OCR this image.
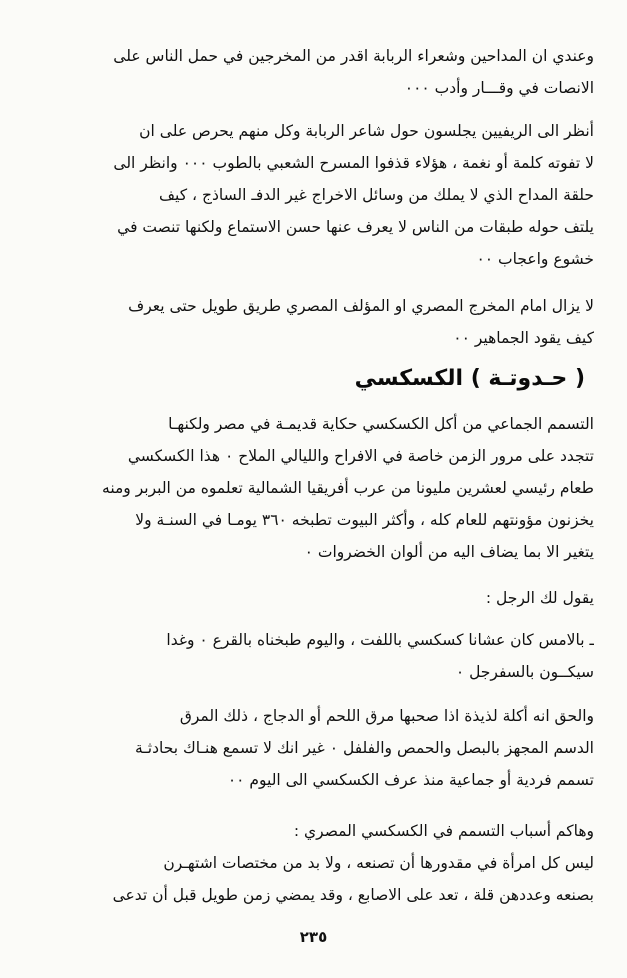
وعندي ان المداحين وشعراء الربابة اقدر من المخرجين في حمل الناس على
الانصات في وقـــار وأدب ٠٠٠
أنظر الى الريفيين يجلسون حول شاعر الربابة وكل منهم يحرص على ان
لا تفوته كلمة أو نغمة ، هؤلاء قذفوا المسرح الشعبي بالطوب ٠٠٠ وانظر الى
حلقة المداح الذي لا يملك من وسائل الاخراج غير الدفـ الساذج ، كيف
يلتف حوله طبقات من الناس لا يعرف عنها حسن الاستماع ولكنها تنصت في
خشوع واعجاب ٠٠
لا يزال امام المخرج المصري او المؤلف المصري طريق طويل حتى يعرف
كيف يقود الجماهير ٠٠
( حـدوتـة ) الكسكسي
التسمم الجماعي من أكل الكسكسي حكاية قديمـة في مصر ولكنهـا
تتجدد على مرور الزمن خاصة في الافراح والليالي الملاح ٠ هذا الكسكسي
طعام رئيسي لعشرين مليونا من عرب أفريقيا الشمالية تعلموه من البربر ومنه
يخزنون مؤونتهم للعام كله ، وأكثر البيوت تطبخه ٣٦٠ يومـا في السنـة ولا
يتغير الا بما يضاف اليه من ألوان الخضروات ٠
يقول لك الرجل :
ـ بالامس كان عشانا كسكسي باللفت ، واليوم طبخناه بالقرع ٠ وغدا
سيكــون بالسفرجل ٠
والحق انه أكلة لذيذة اذا صحبها مرق اللحم أو الدجاج ، ذلك المرق
الدسم المجهز بالبصل والحمص والفلفل ٠ غير انك لا تسمع هنـاك بحادثـة
تسمم فردية أو جماعية منذ عرف الكسكسي الى اليوم ٠٠
وهاكم أسباب التسمم في الكسكسي المصري :
ليس كل امرأة في مقدورها أن تصنعه ، ولا بد من مختصات اشتهـرن
بصنعه وعددهن قلة ، تعد على الاصابع ، وقد يمضي زمن طويل قبل أن تدعى
٢٣٥
